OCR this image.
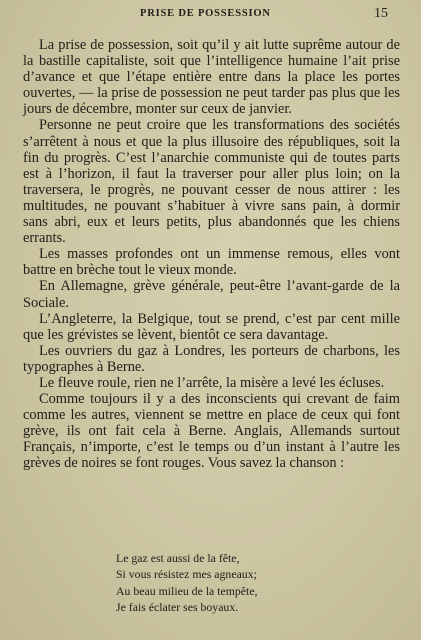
PRISE DE POSSESSION	15

La prise de possession, soit qu’il y ait lutte suprême autour de la bastille capitaliste, soit que l’intelligence humaine l’ait prise d’avance et que l’étape entière entre dans la place les portes ouvertes, — la prise de possession ne peut tarder pas plus que les jours de décembre, monter sur ceux de janvier.

Personne ne peut croire que les transformations des sociétés s’arrêtent à nous et que la plus illusoire des républiques, soit la fin du progrès. C’est l’anarchie communiste qui de toutes parts est à l’horizon, il faut la traverser pour aller plus loin; on la traversera, le progrès, ne pouvant cesser de nous attirer : les multitudes, ne pouvant s’habituer à vivre sans pain, à dormir sans abri, eux et leurs petits, plus abandonnés que les chiens errants.

Les masses profondes ont un immense remous, elles vont battre en brèche tout le vieux monde.

En Allemagne, grève générale, peut-être l’avant-garde de la Sociale.

L’Angleterre, la Belgique, tout se prend, c’est par cent mille que les grévistes se lèvent, bientôt ce sera davantage.

Les ouvriers du gaz à Londres, les porteurs de charbons, les typographes à Berne.

Le fleuve roule, rien ne l’arrête, la misère a levé les écluses.

Comme toujours il y a des inconscients qui crevant de faim comme les autres, viennent se mettre en place de ceux qui font grève, ils ont fait cela à Berne. Anglais, Allemands surtout Français, n’importe, c’est le temps ou d’un instant à l’autre les grèves de noires se font rouges. Vous savez la chanson :

Le gaz est aussi de la fête,

Si vous résistez mes agneaux;

Au beau milieu de la tempête,

Je fais éclater ses boyaux.
